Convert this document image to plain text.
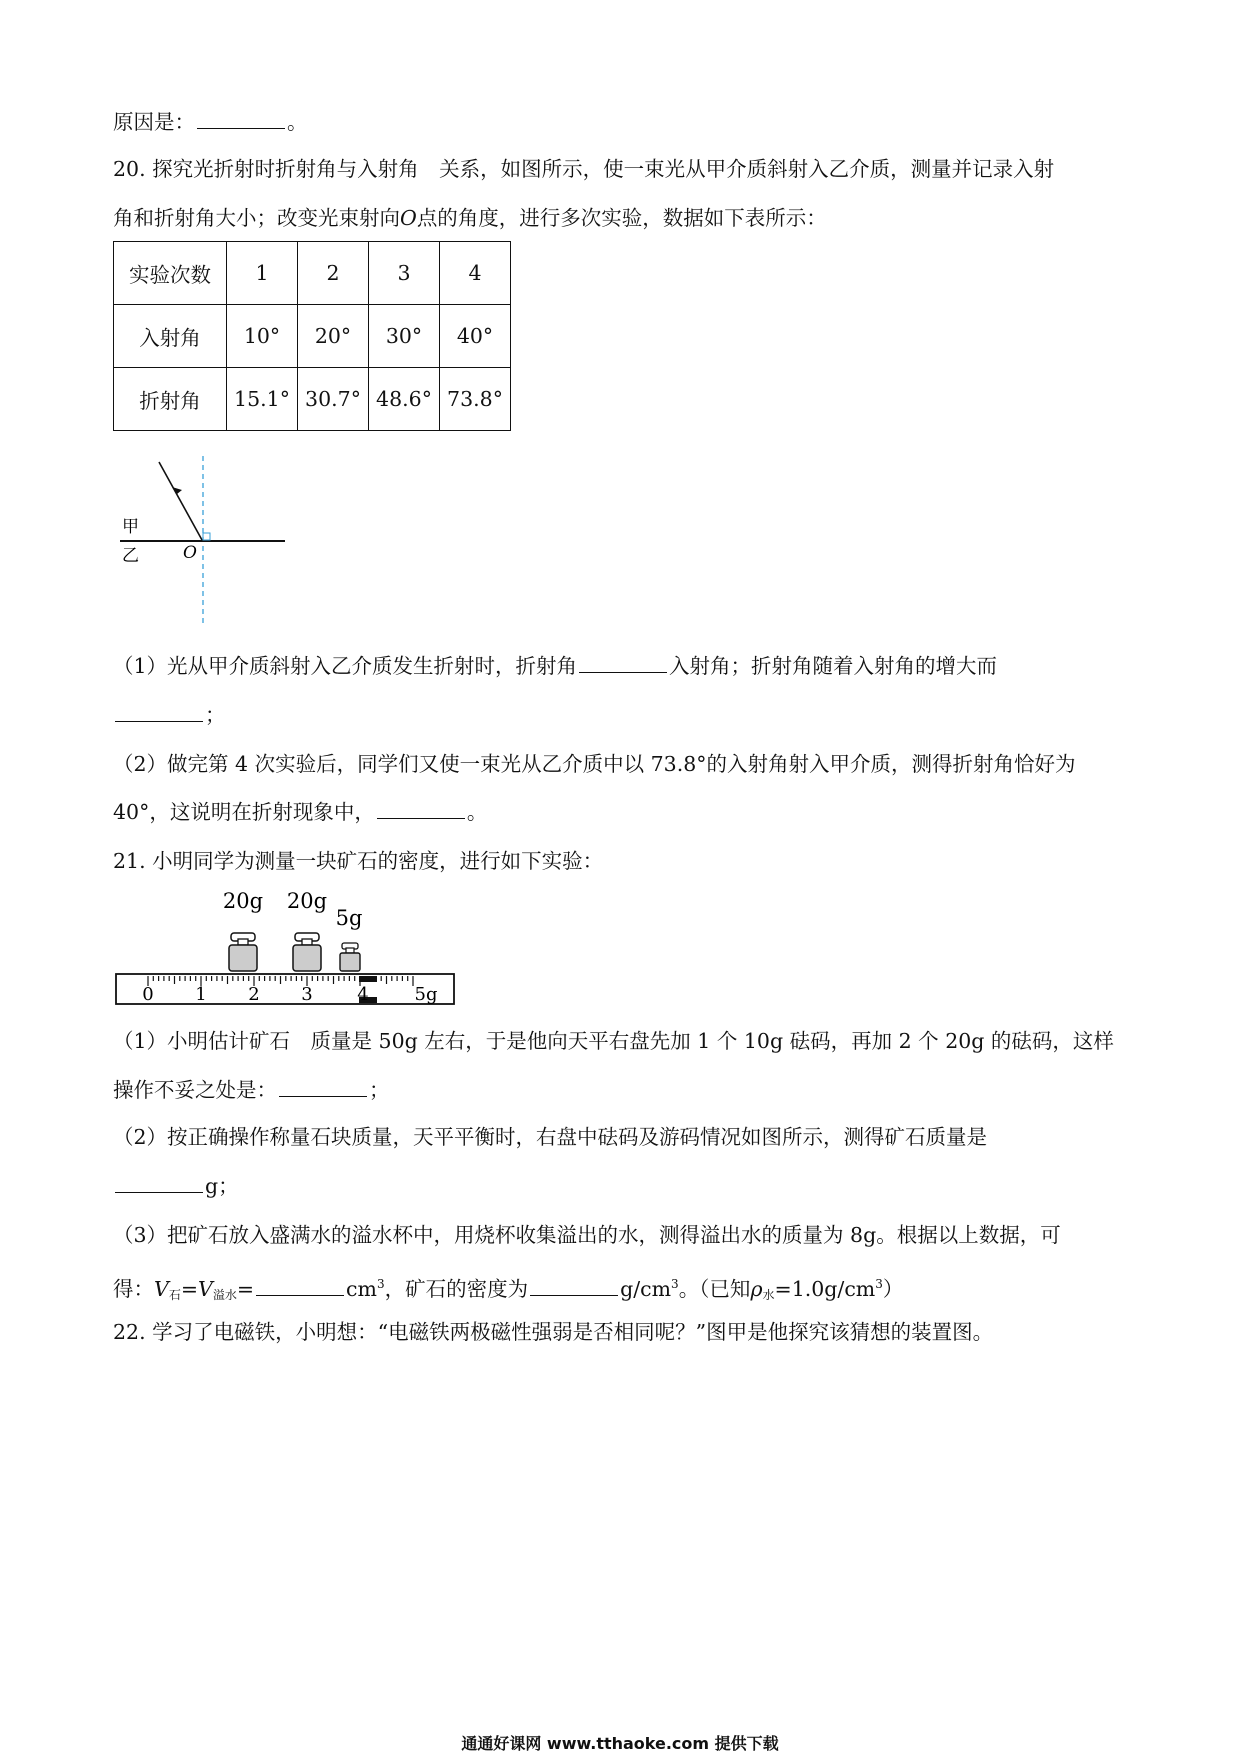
原因是：	。
20. 探究光折射时折射角与入射角　关系，如图所示，使一束光从甲介质斜射入乙介质，测量并记录入射
角和折射角大小；改变光束射向O点的角度，进行多次实验，数据如下表所示：
实验次数	1	2	3	4
入射角	10°	20°	30°	40°
折射角	15.1°	30.7°	48.6°	73.8°
甲
乙	O
（1）光从甲介质斜射入乙介质发生折射时，折射角	入射角；折射角随着入射角的增大而
；
（2）做完第 4 次实验后，同学们又使一束光从乙介质中以 73.8°的入射角射入甲介质，测得折射角恰好为
40°，这说明在折射现象中，	。
21. 小明同学为测量一块矿石的密度，进行如下实验：
20g 20g
5g
0 1 2 3 4	5g
（1）小明估计矿石　质量是 50g 左右，于是他向天平右盘先加 1 个 10g 砝码，再加 2 个 20g 的砝码，这样
操作不妥之处是：	；
（2）按正确操作称量石块质量，天平平衡时，右盘中砝码及游码情况如图所示，测得矿石质量是
g；
（3）把矿石放入盛满水的溢水杯中，用烧杯收集溢出的水，测得溢出水的质量为 8g。根据以上数据，可
得：$V_石=V_{溢水}=$	$cm^3$，矿石的密度为	$g/cm^3$。（已知$\rho_水=1.0g/cm^3$）
22. 学习了电磁铁，小明想：“电磁铁两极磁性强弱是否相同呢？”图甲是他探究该猜想的装置图。
通通好课网 www.tthaoke.com 提供下载
